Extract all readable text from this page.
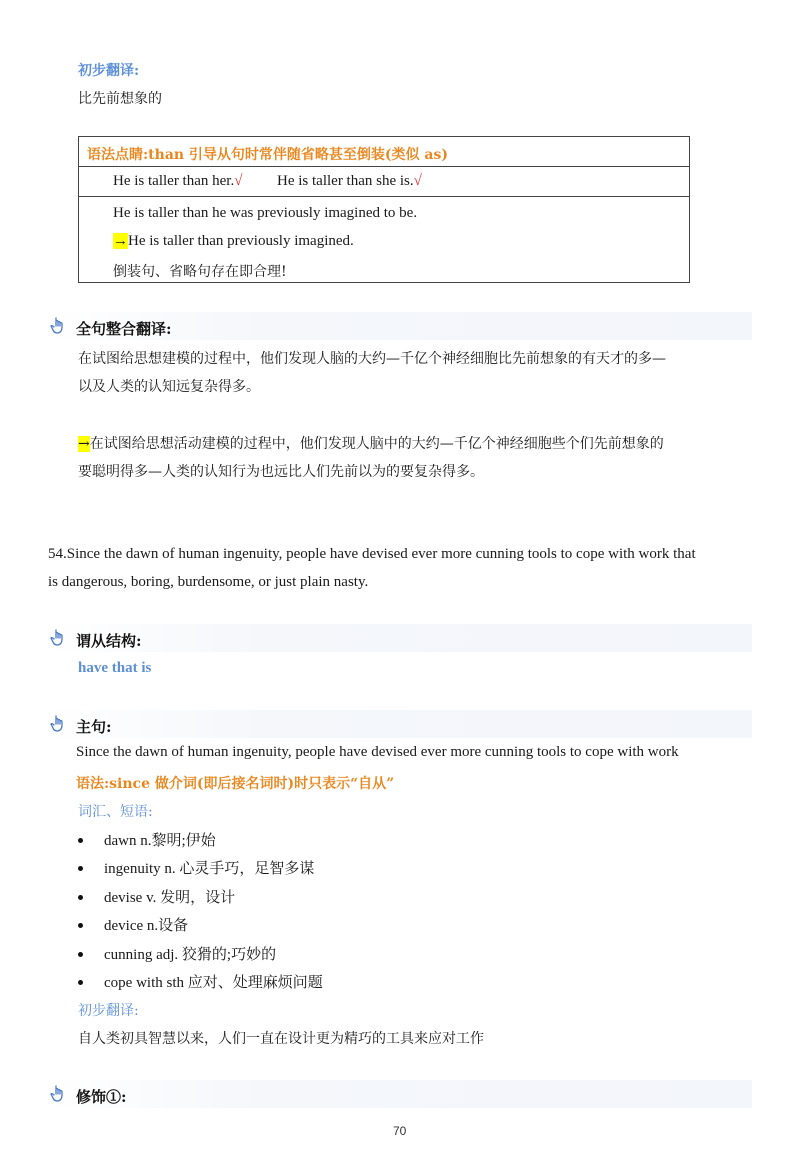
初步翻译:
比先前想象的
语法点睛:than 引导从句时常伴随省略甚至倒装(类似 as)
He is taller than her.√ He is taller than she is.√
He is taller than he was previously imagined to be.
→He is taller than previously imagined.
倒装句、省略句存在即合理!
全句整合翻译:
在试图给思想建模的过程中，他们发现人脑的大约—千亿个神经细胞比先前想象的有天才的多—
以及人类的认知远复杂得多。
→在试图给思想活动建模的过程中，他们发现人脑中的大约—千亿个神经细胞些个们先前想象的
要聪明得多—人类的认知行为也远比人们先前以为的要复杂得多。
54.Since the dawn of human ingenuity, people have devised ever more cunning tools to cope with work that
is dangerous, boring, burdensome, or just plain nasty.
谓从结构:
have that is
主句:
Since the dawn of human ingenuity, people have devised ever more cunning tools to cope with work
语法:since 做介词(即后接名词时)时只表示“自从”
词汇、短语:
dawn n.黎明;伊始
ingenuity n. 心灵手巧，足智多谋
devise v. 发明，设计
device n.设备
cunning adj. 狡猾的;巧妙的
cope with sth 应对、处理麻烦问题
初步翻译:
自人类初具智慧以来，人们一直在设计更为精巧的工具来应对工作
修饰①:
70
